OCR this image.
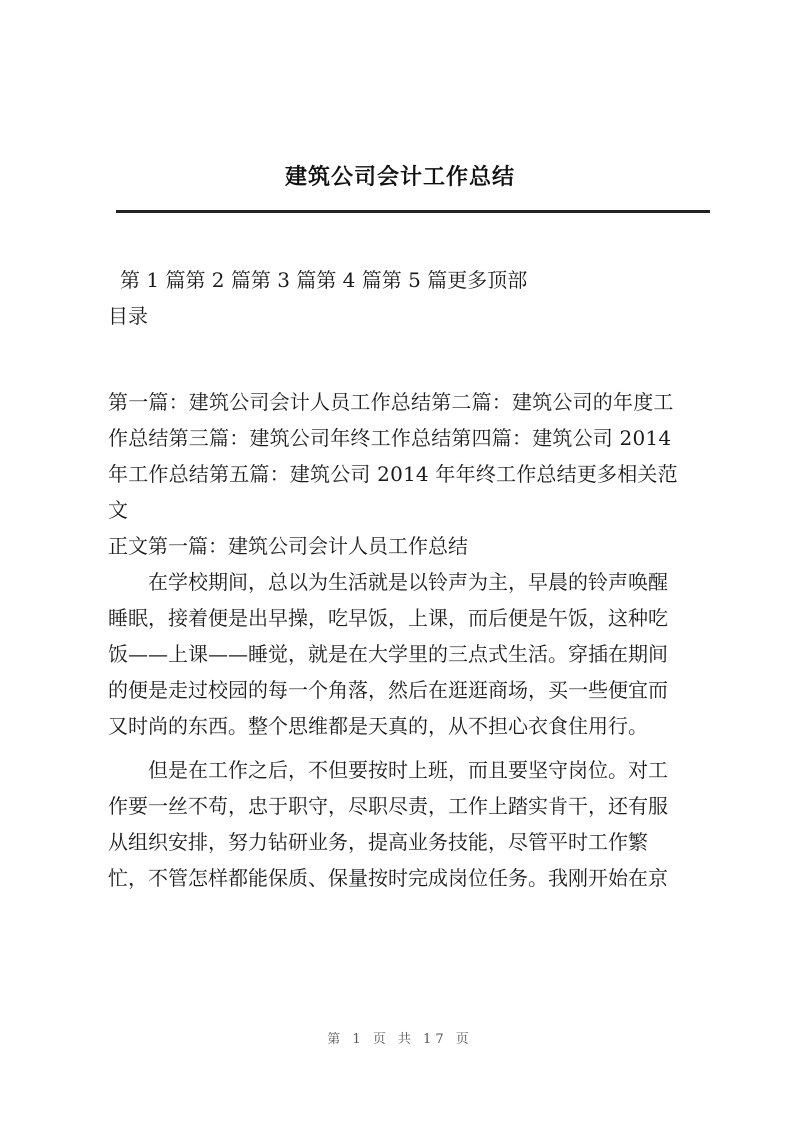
建筑公司会计工作总结

第 1 篇第 2 篇第 3 篇第 4 篇第 5 篇更多顶部

目录

第一篇：建筑公司会计人员工作总结第二篇：建筑公司的年度工

作总结第三篇：建筑公司年终工作总结第四篇：建筑公司 2014

年工作总结第五篇：建筑公司 2014 年年终工作总结更多相关范

文

正文第一篇：建筑公司会计人员工作总结

在学校期间，总以为生活就是以铃声为主，早晨的铃声唤醒

睡眠，接着便是出早操，吃早饭，上课，而后便是午饭，这种吃

饭——上课——睡觉，就是在大学里的三点式生活。穿插在期间

的便是走过校园的每一个角落，然后在逛逛商场，买一些便宜而

又时尚的东西。整个思维都是天真的，从不担心衣食住用行。

但是在工作之后，不但要按时上班，而且要坚守岗位。对工

作要一丝不苟，忠于职守，尽职尽责，工作上踏实肯干，还有服

从组织安排，努力钻研业务，提高业务技能，尽管平时工作繁

忙，不管怎样都能保质、保量按时完成岗位任务。我刚开始在京

第 1 页 共 17 页
